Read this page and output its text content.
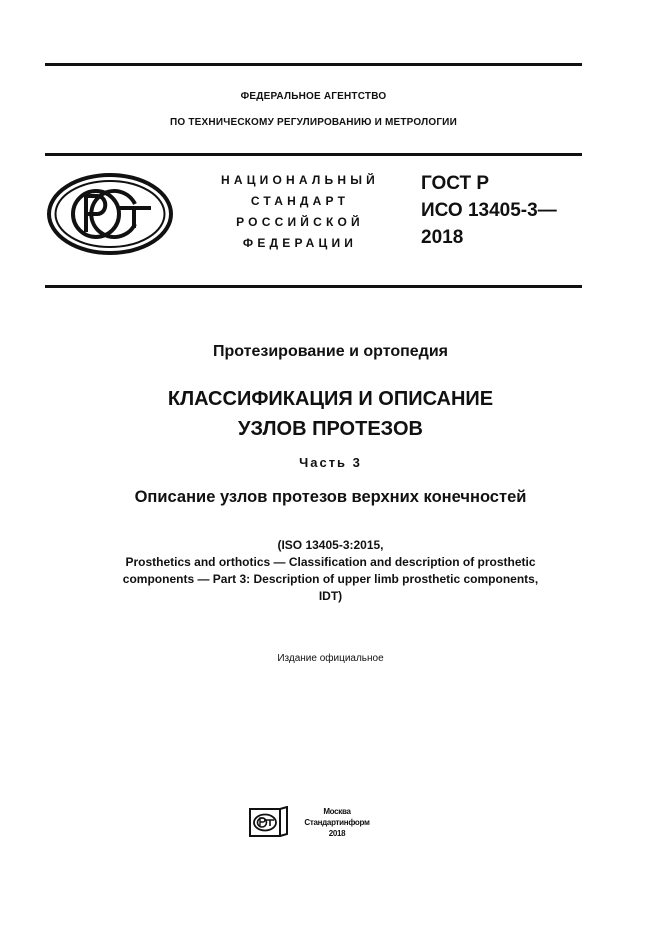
ФЕДЕРАЛЬНОЕ АГЕНТСТВО
ПО ТЕХНИЧЕСКОМУ РЕГУЛИРОВАНИЮ И МЕТРОЛОГИИ
НАЦИОНАЛЬНЫЙ
СТАНДАРТ
РОССИЙСКОЙ
ФЕДЕРАЦИИ
ГОСТ Р
ИСО 13405-3—
2018
Протезирование и ортопедия
КЛАССИФИКАЦИЯ И ОПИСАНИЕ
УЗЛОВ ПРОТЕЗОВ
Часть 3
Описание узлов протезов верхних конечностей
(ISO 13405-3:2015,
Prosthetics and orthotics — Classification and description of prosthetic
components — Part 3: Description of upper limb prosthetic components,
IDT)
Издание официальное
Москва
Стандартинформ
2018
